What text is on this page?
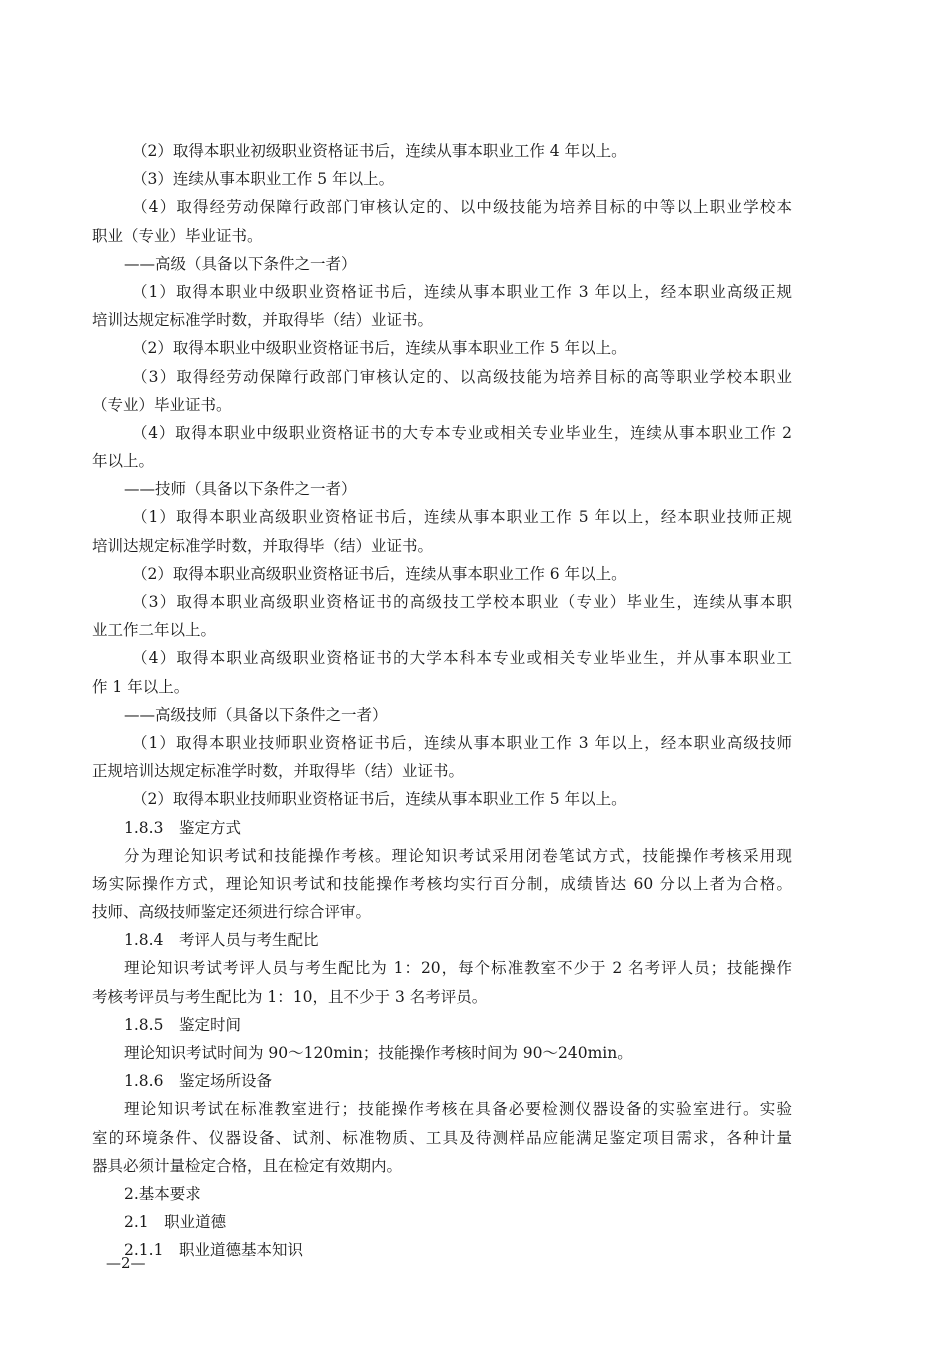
（2）取得本职业初级职业资格证书后，连续从事本职业工作 4 年以上。
（3）连续从事本职业工作 5 年以上。
（4）取得经劳动保障行政部门审核认定的、以中级技能为培养目标的中等以上职业学校本
职业（专业）毕业证书。
——高级（具备以下条件之一者）
（1）取得本职业中级职业资格证书后，连续从事本职业工作 3 年以上，经本职业高级正规
培训达规定标准学时数，并取得毕（结）业证书。
（2）取得本职业中级职业资格证书后，连续从事本职业工作 5 年以上。
（3）取得经劳动保障行政部门审核认定的、以高级技能为培养目标的高等职业学校本职业
（专业）毕业证书。
（4）取得本职业中级职业资格证书的大专本专业或相关专业毕业生，连续从事本职业工作 2
年以上。
——技师（具备以下条件之一者）
（1）取得本职业高级职业资格证书后，连续从事本职业工作 5 年以上，经本职业技师正规
培训达规定标准学时数，并取得毕（结）业证书。
（2）取得本职业高级职业资格证书后，连续从事本职业工作 6 年以上。
（3）取得本职业高级职业资格证书的高级技工学校本职业（专业）毕业生，连续从事本职
业工作二年以上。
（4）取得本职业高级职业资格证书的大学本科本专业或相关专业毕业生，并从事本职业工
作 1 年以上。
——高级技师（具备以下条件之一者）
（1）取得本职业技师职业资格证书后，连续从事本职业工作 3 年以上，经本职业高级技师
正规培训达规定标准学时数，并取得毕（结）业证书。
（2）取得本职业技师职业资格证书后，连续从事本职业工作 5 年以上。
1.8.3　鉴定方式
分为理论知识考试和技能操作考核。理论知识考试采用闭卷笔试方式，技能操作考核采用现
场实际操作方式，理论知识考试和技能操作考核均实行百分制，成绩皆达 60 分以上者为合格。
技师、高级技师鉴定还须进行综合评审。
1.8.4　考评人员与考生配比
理论知识考试考评人员与考生配比为 1：20，每个标准教室不少于 2 名考评人员；技能操作
考核考评员与考生配比为 1：10，且不少于 3 名考评员。
1.8.5　鉴定时间
理论知识考试时间为 90～120min；技能操作考核时间为 90～240min。
1.8.6　鉴定场所设备
理论知识考试在标准教室进行；技能操作考核在具备必要检测仪器设备的实验室进行。实验
室的环境条件、仪器设备、试剂、标准物质、工具及待测样品应能满足鉴定项目需求，各种计量
器具必须计量检定合格，且在检定有效期内。
2.基本要求
2.1　职业道德
2.1.1　职业道德基本知识
—2—
